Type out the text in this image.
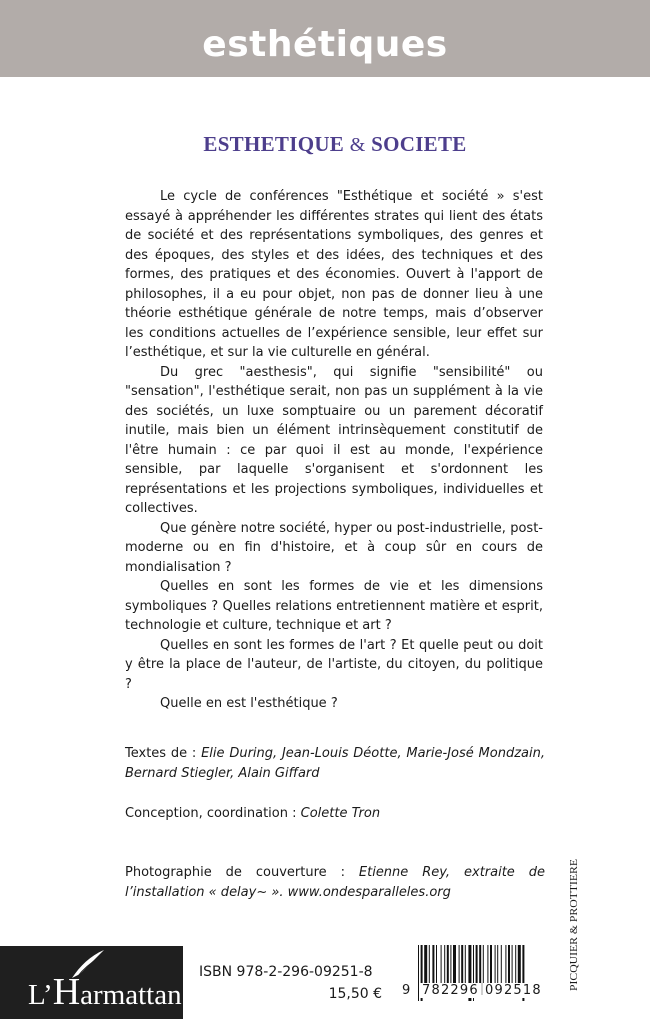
esthétiques
ESTHETIQUE & SOCIETE

Le cycle de conférences "Esthétique et société » s'est essayé à appréhender les différentes strates qui lient des états de société et des représentations symboliques, des genres et des époques, des styles et des idées, des techniques et des formes, des pratiques et des économies. Ouvert à l'apport de philosophes, il a eu pour objet, non pas de donner lieu à une théorie esthétique générale de notre temps, mais d’observer les conditions actuelles de l’expérience sensible, leur effet sur l’esthétique, et sur la vie culturelle en général.

Du grec "aesthesis", qui signifie "sensibilité" ou "sensation", l'esthétique serait, non pas un supplément à la vie des sociétés, un luxe somptuaire ou un parement décoratif inutile, mais bien un élément intrinsèquement constitutif de l'être humain : ce par quoi il est au monde, l'expérience sensible, par laquelle s'organisent et s'ordonnent les représentations et les projections symboliques, individuelles et collectives.

Que génère notre société, hyper ou post-industrielle, post-moderne ou en fin d'histoire, et à coup sûr en cours de mondialisation ?

Quelles en sont les formes de vie et les dimensions symboliques ? Quelles relations entretiennent matière et esprit, technologie et culture, technique et art ?

Quelles en sont les formes de l'art ? Et quelle peut ou doit y être la place de l'auteur, de l'artiste, du citoyen, du politique ?

Quelle en est l'esthétique ?

Textes de : Elie During, Jean-Louis Déotte, Marie-José Mondzain, Bernard Stiegler, Alain Giffard
Conception, coordination : Colette Tron
Photographie de couverture : Etienne Rey, extraite de l’installation « delay~ ». www.ondesparalleles.org	PICQUIER & PROTTIERE
L’Harmattan
ISBN 978-2-296-09251-8
15,50 € 9 782296 092518
